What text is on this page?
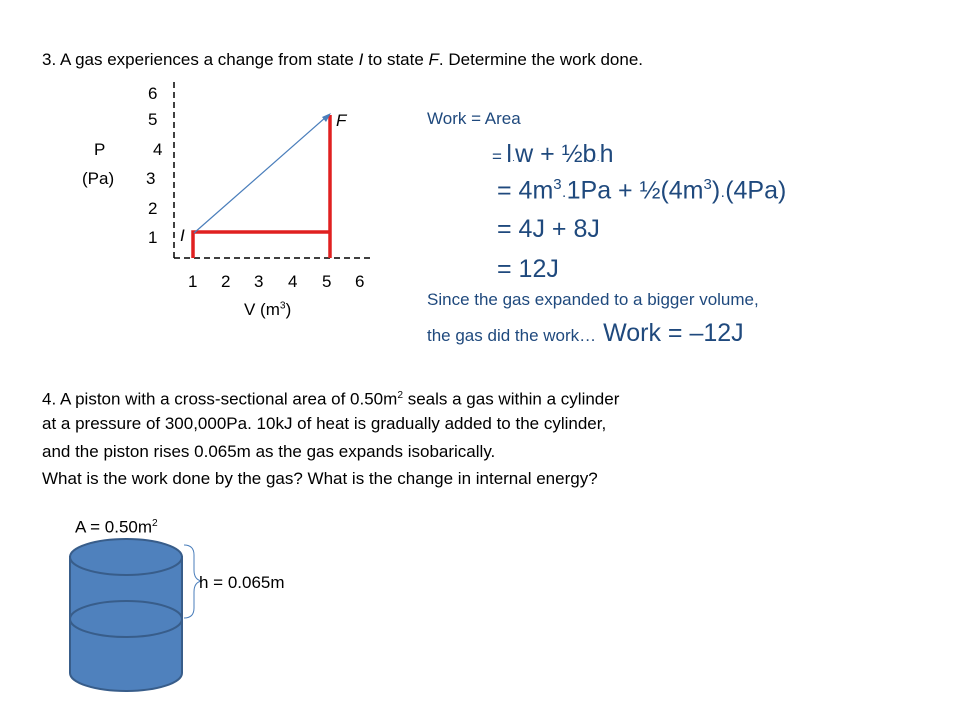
3. A gas experiences a change from state I to state F. Determine the work done.
6
5
4
3
2
1
P
(Pa)
F
I
1 2 3 4 5 6
V $(m^3)$
Work = Area
= l·w + ½b·h
= $4m^3\cdot 1Pa$ + $\frac{1}{2}(4m^3)\cdot(4Pa)$
= 4J + 8J
= 12J
Since the gas expanded to a bigger volume,
the gas did the work… Work = –12J
4. A piston with a cross-sectional area of $0.50m^2$ seals a gas within a cylinder
at a pressure of 300,000Pa. 10kJ of heat is gradually added to the cylinder,
and the piston rises 0.065m as the gas expands isobarically.
What is the work done by the gas? What is the change in internal energy?
$A = 0.50m^2$
h = 0.065m
